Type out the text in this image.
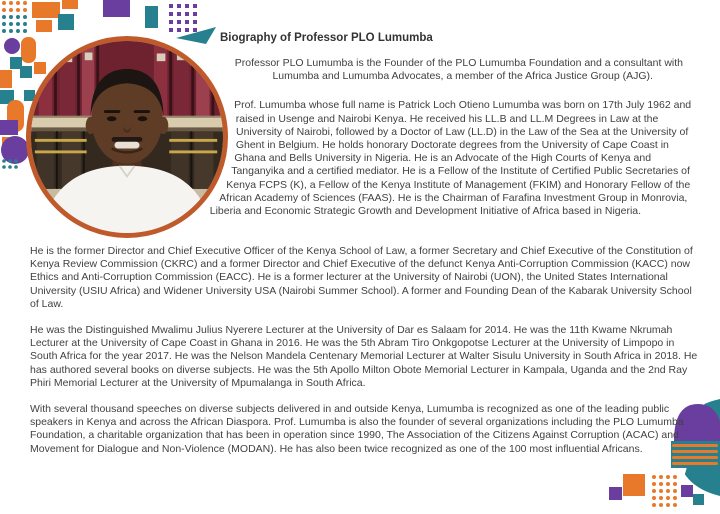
Biography of Professor PLO Lumumba

Professor PLO Lumumba is the Founder of the PLO Lumumba Foundation and a consultant with Lumumba and Lumumba Advocates, a member of the Africa Justice Group (AJG).

Prof. Lumumba whose full name is Patrick Loch Otieno Lumumba was born on 17th July 1962 and raised in Usenge and Nairobi Kenya. He received his LL.B and LL.M Degrees in Law at the University of Nairobi, followed by a Doctor of Law (LL.D) in the Law of the Sea at the University of Ghent in Belgium. He holds honorary Doctorate degrees from the University of Cape Coast in Ghana and Bells University in Nigeria. He is an Advocate of the High Courts of Kenya and Tanganyika and a certified mediator. He is a Fellow of the Institute of Certified Public Secretaries of Kenya FCPS (K), a Fellow of the Kenya Institute of Management (FKIM) and Honorary Fellow of the African Academy of Sciences (FAAS). He is the Chairman of Farafina Investment Group in Monrovia, Liberia and Economic Strategic Growth and Development Initiative of Africa based in Nigeria.

He is the former Director and Chief Executive Officer of the Kenya School of Law, a former Secretary and Chief Executive of the Constitution of Kenya Review Commission (CKRC) and a former Director and Chief Executive of the defunct Kenya Anti-Corruption Commission (KACC) now Ethics and Anti-Corruption Commission (EACC). He is a former lecturer at the University of Nairobi (UON), the United States International University (USIU Africa) and Widener University USA (Nairobi Summer School). A former and Founding Dean of the Kabarak University School of Law.

He was the Distinguished Mwalimu Julius Nyerere Lecturer at the University of Dar es Salaam for 2014. He was the 11th Kwame Nkrumah Lecturer at the University of Cape Coast in Ghana in 2016. He was the 5th Abram Tiro Onkgopotse Lecturer at the University of Limpopo in South Africa for the year 2017. He was the Nelson Mandela Centenary Memorial Lecturer at Walter Sisulu University in South Africa in 2018. He has authored several books on diverse subjects. He was the 5th Apollo Milton Obote Memorial Lecturer in Kampala, Uganda and the 2nd Ray Phiri Memorial Lecturer at the University of Mpumalanga in South Africa.

With several thousand speeches on diverse subjects delivered in and outside Kenya, Lumumba is recognized as one of the leading public speakers in Kenya and across the African Diaspora. Prof. Lumumba is also the founder of several organizations including the PLO Lumumba Foundation, a charitable organization that has been in operation since 1990, The Association of the Citizens Against Corruption (ACAC) and Movement for Dialogue and Non-Violence (MODAN). He has also been twice recognized as one of the 100 most influential Africans.
